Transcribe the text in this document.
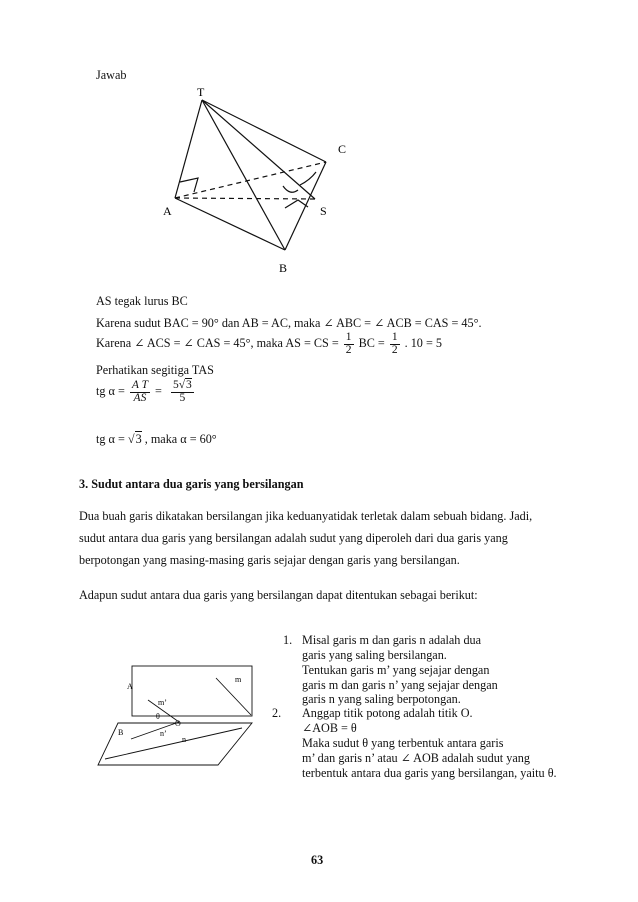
Jawab
T
C
A	S
B
AS tegak lurus BC
Karena sudut BAC = 90° dan AB = AC, maka ∠ ABC = ∠ ACB = CAS = 45°.
Karena ∠ ACS = ∠ CAS = 45°, maka AS = CS = $\frac{1}{2}$ BC = $\frac{1}{2}$ . 10 = 5
Perhatikan segitiga TAS
tg $\alpha = \frac{\text{A T}}{AS} = \frac{5√3}{5}$
tg α = √3 , maka α = 60°
3. Sudut antara dua garis yang bersilangan
Dua buah garis dikatakan bersilangan jika keduanyatidak terletak dalam sebuah bidang. Jadi,
sudut antara dua garis yang bersilangan adalah sudut yang diperoleh dari dua garis yang
berpotongan yang masing-masing garis sejajar dengan garis yang bersilangan.
Adapun sudut antara dua garis yang bersilangan dapat ditentukan sebagai berikut:
m
A
m’
θ
O
B	n’
n
1. Misal garis m dan garis n adalah dua
garis yang saling bersilangan.
Tentukan garis m’ yang sejajar dengan
garis m dan garis n’ yang sejajar dengan
garis n yang saling berpotongan.
2. Anggap titik potong adalah titik O.
∠AOB = θ
Maka sudut θ yang terbentuk antara garis
m’ dan garis n’ atau ∠ AOB adalah sudut yang
terbentuk antara dua garis yang bersilangan, yaitu θ.
63
